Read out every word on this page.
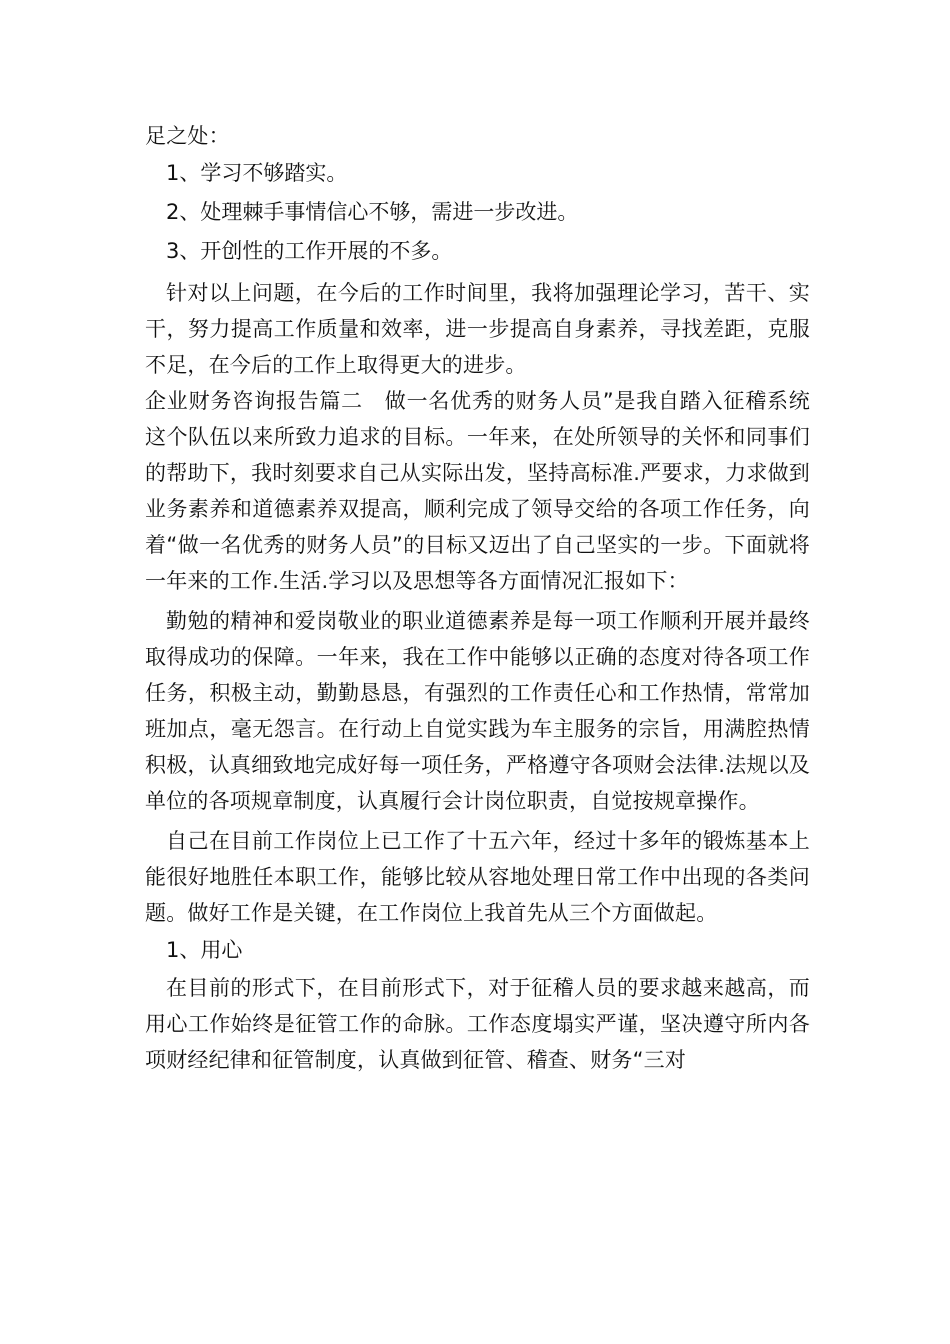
足之处：

1、学习不够踏实。

2、处理棘手事情信心不够，需进一步改进。

3、开创性的工作开展的不多。

针对以上问题，在今后的工作时间里，我将加强理论学习，苦干、实干，努力提高工作质量和效率，进一步提高自身素养，寻找差距，克服不足，在今后的工作上取得更大的进步。

企业财务咨询报告篇二　做一名优秀的财务人员”是我自踏入征稽系统这个队伍以来所致力追求的目标。一年来，在处所领导的关怀和同事们的帮助下，我时刻要求自己从实际出发，坚持高标准.严要求，力求做到业务素养和道德素养双提高，顺利完成了领导交给的各项工作任务，向着“做一名优秀的财务人员”的目标又迈出了自己坚实的一步。下面就将一年来的工作.生活.学习以及思想等各方面情况汇报如下：

勤勉的精神和爱岗敬业的职业道德素养是每一项工作顺利开展并最终取得成功的保障。一年来，我在工作中能够以正确的态度对待各项工作任务，积极主动，勤勤恳恳，有强烈的工作责任心和工作热情，常常加班加点，毫无怨言。在行动上自觉实践为车主服务的宗旨，用满腔热情积极，认真细致地完成好每一项任务，严格遵守各项财会法律.法规以及单位的各项规章制度，认真履行会计岗位职责，自觉按规章操作。

自己在目前工作岗位上已工作了十五六年，经过十多年的锻炼基本上能很好地胜任本职工作，能够比较从容地处理日常工作中出现的各类问题。做好工作是关键，在工作岗位上我首先从三个方面做起。

1、用心

在目前的形式下，在目前形式下，对于征稽人员的要求越来越高，而用心工作始终是征管工作的命脉。工作态度塌实严谨，坚决遵守所内各项财经纪律和征管制度，认真做到征管、稽查、财务“三对
